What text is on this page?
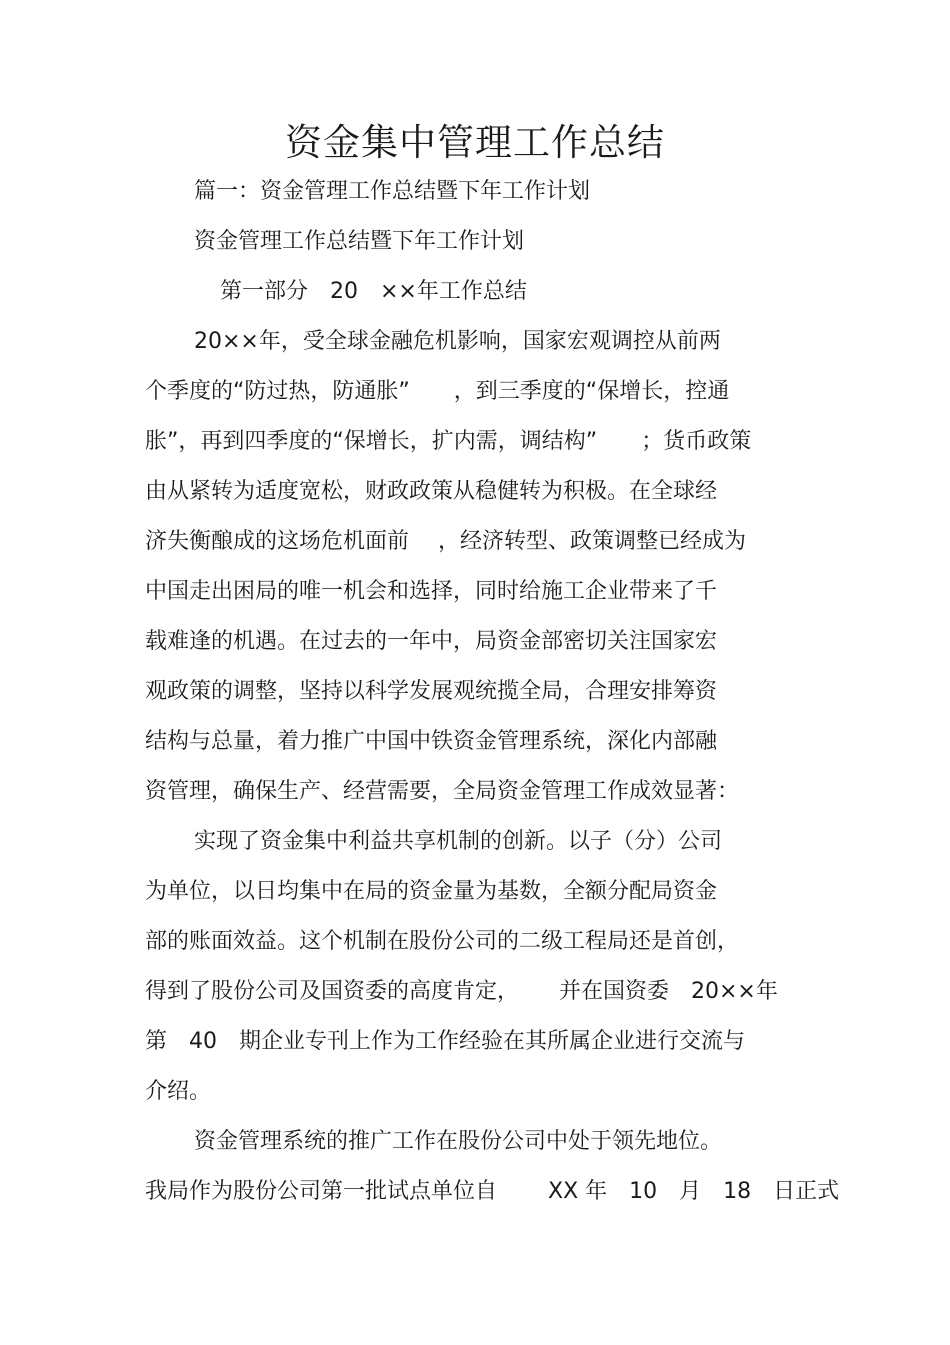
资金集中管理工作总结
篇一：资金管理工作总结暨下年工作计划
资金管理工作总结暨下年工作计划
第一部分　20　××年工作总结
20××年，受全球金融危机影响，国家宏观调控从前两
个季度的“防过热，防通胀”　　，到三季度的“保增长，控通
胀”，再到四季度的“保增长，扩内需，调结构”　　；货币政策
由从紧转为适度宽松，财政政策从稳健转为积极。在全球经
济失衡酿成的这场危机面前　 ，经济转型、政策调整已经成为
中国走出困局的唯一机会和选择，同时给施工企业带来了千
载难逢的机遇。在过去的一年中，局资金部密切关注国家宏
观政策的调整，坚持以科学发展观统揽全局，合理安排筹资
结构与总量，着力推广中国中铁资金管理系统，深化内部融
资管理，确保生产、经营需要，全局资金管理工作成效显著：
实现了资金集中利益共享机制的创新。以子（分）公司
为单位，以日均集中在局的资金量为基数，全额分配局资金
部的账面效益。这个机制在股份公司的二级工程局还是首创，
得到了股份公司及国资委的高度肯定，　　 并在国资委　20××年
第　40　期企业专刊上作为工作经验在其所属企业进行交流与
介绍。
资金管理系统的推广工作在股份公司中处于领先地位。
我局作为股份公司第一批试点单位自　　 XX 年　10　月　18　日正式
